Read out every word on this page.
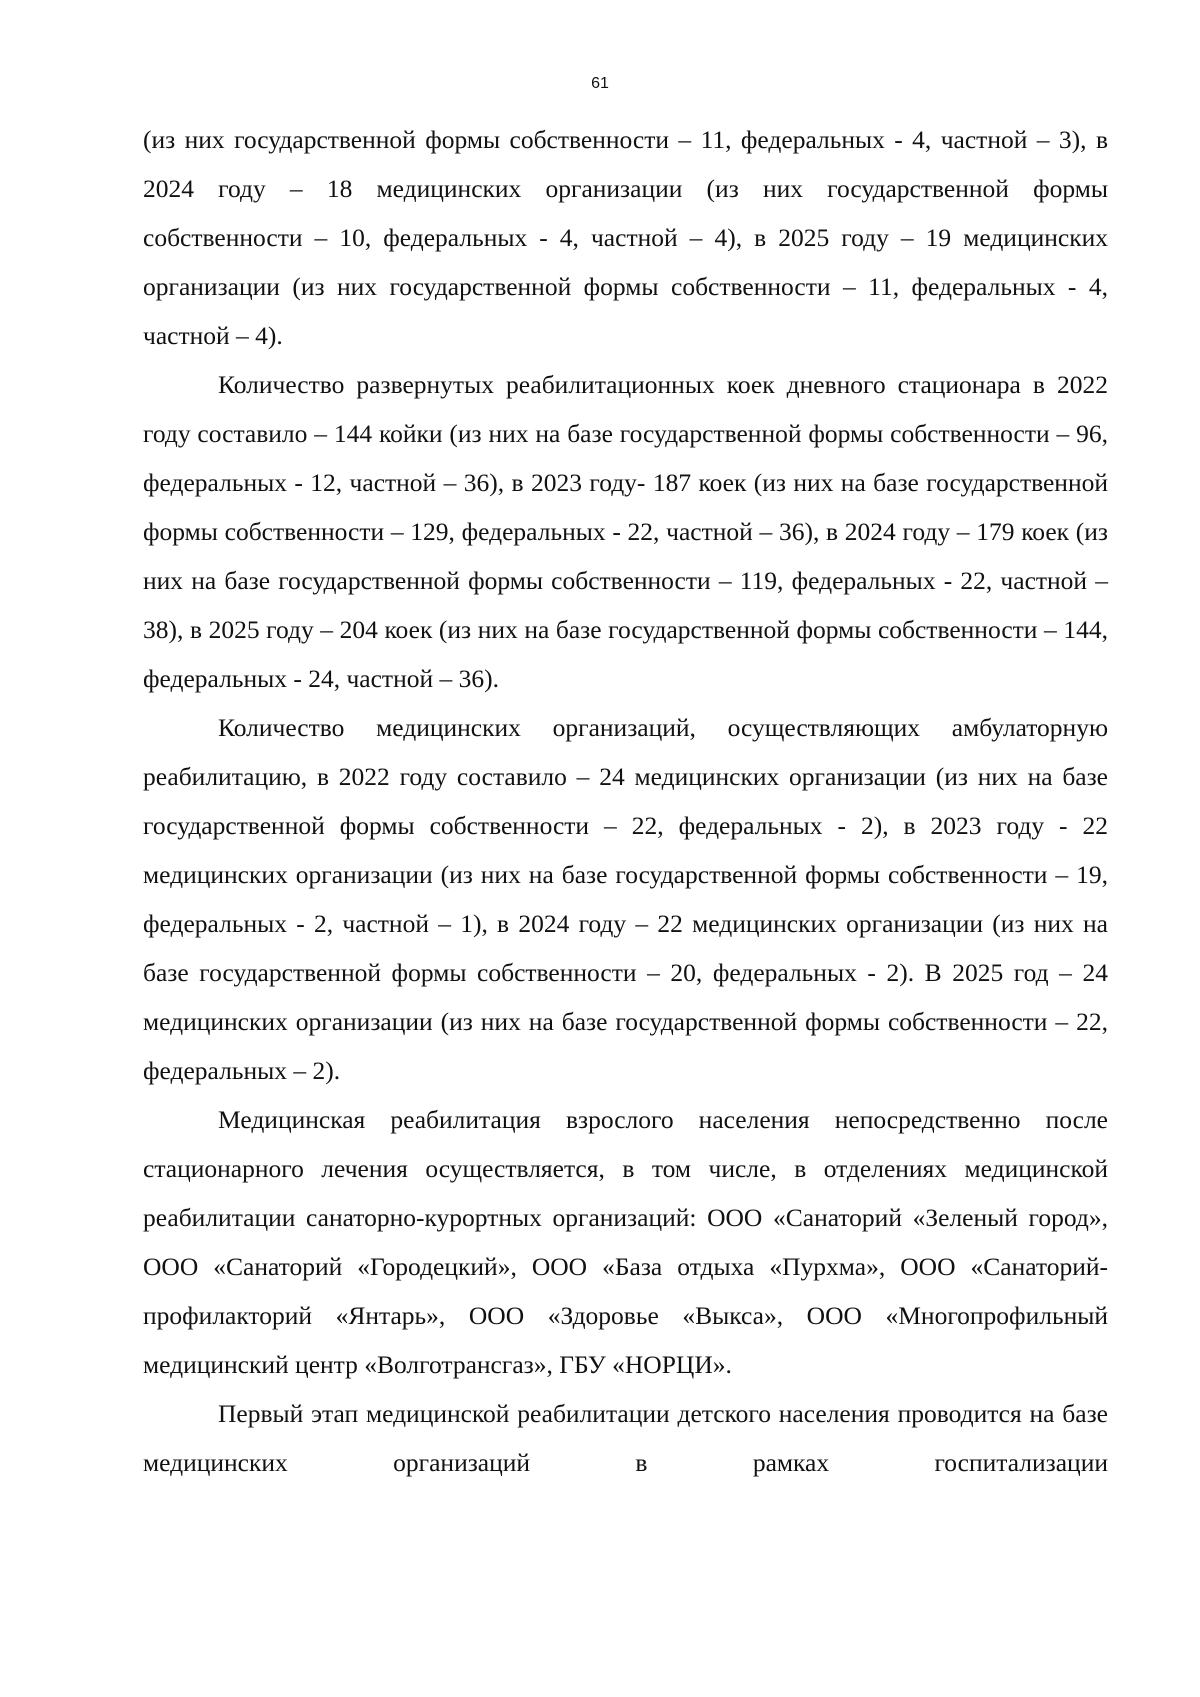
61

(из них государственной формы собственности – 11, федеральных - 4, частной – 3), в 2024 году – 18 медицинских организации (из них государственной формы собственности – 10, федеральных - 4, частной – 4), в 2025 году – 19 медицинских организации (из них государственной формы собственности – 11, федеральных - 4, частной – 4).

Количество развернутых реабилитационных коек дневного стационара в 2022 году составило – 144 койки (из них на базе государственной формы собственности – 96, федеральных - 12, частной – 36), в 2023 году- 187 коек (из них на базе государственной формы собственности – 129, федеральных - 22, частной – 36), в 2024 году – 179 коек (из них на базе государственной формы собственности – 119, федеральных - 22, частной – 38), в 2025 году – 204 коек (из них на базе государственной формы собственности – 144, федеральных - 24, частной – 36).

Количество медицинских организаций, осуществляющих амбулаторную реабилитацию, в 2022 году составило – 24 медицинских организации (из них на базе государственной формы собственности – 22, федеральных - 2), в 2023 году - 22 медицинских организации (из них на базе государственной формы собственности – 19, федеральных - 2, частной – 1), в 2024 году – 22 медицинских организации (из них на базе государственной формы собственности – 20, федеральных - 2). В 2025 год – 24 медицинских организации (из них на базе государственной формы собственности – 22, федеральных – 2).

Медицинская реабилитация взрослого населения непосредственно после стационарного лечения осуществляется, в том числе, в отделениях медицинской реабилитации санаторно-курортных организаций: ООО «Санаторий «Зеленый город», ООО «Санаторий «Городецкий», ООО «База отдыха «Пурхма», ООО «Санаторий-профилакторий «Янтарь», ООО «Здоровье «Выкса», ООО «Многопрофильный медицинский центр «Волготрансгаз», ГБУ «НОРЦИ».

Первый этап медицинской реабилитации детского населения проводится на базе медицинских организаций в рамках госпитализации
